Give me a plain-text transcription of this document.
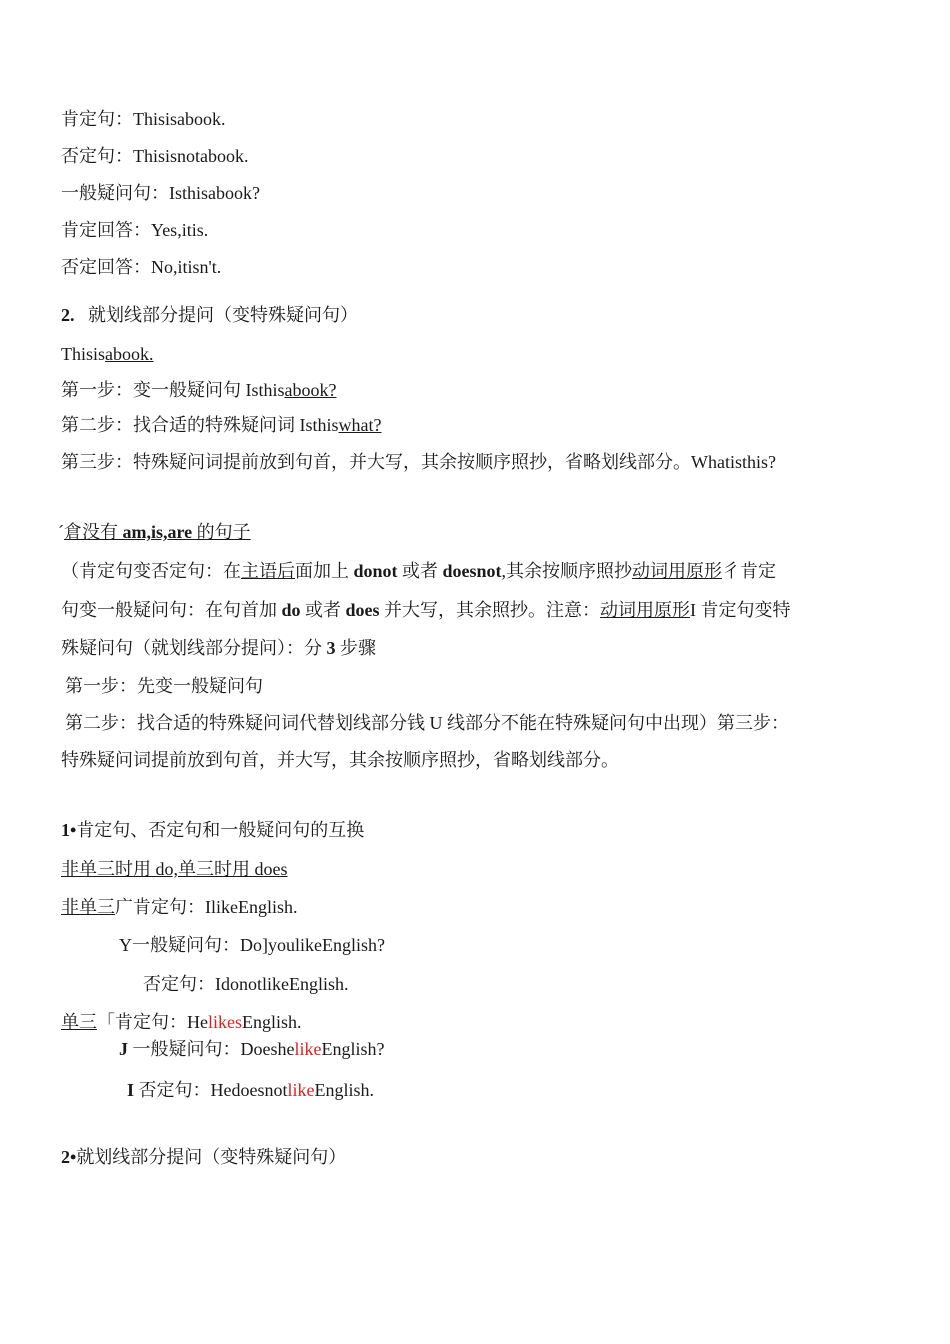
肯定句：Thisisabook.
否定句：Thisisnotabook.
一般疑问句：Isthisabook?
肯定回答：Yes,itis.
否定回答：No,itisn't.
2. 就划线部分提问（变特殊疑问句）
Thisisabook.
第一步：变一般疑问句 Isthisabook?
第二步：找合适的特殊疑问词 Isthiswhat?
第三步：特殊疑问词提前放到句首，并大写，其余按顺序照抄，省略划线部分。Whatisthis?
´倉没有 am,is,are 的句子
（肯定句变否定句：在主语后面加上 donot 或者 doesnot,其余按顺序照抄动词用原形彳肯定
句变一般疑问句：在句首加 do 或者 does 并大写，其余照抄。注意：动词用原形I 肯定句变特
殊疑问句（就划线部分提问）：分 3 步骤
第一步：先变一般疑问句
第二步：找合适的特殊疑问词代替划线部分钱 U 线部分不能在特殊疑问句中出现）第三步：
特殊疑问词提前放到句首，并大写，其余按顺序照抄，省略划线部分。
1•肯定句、否定句和一般疑问句的互换
非单三时用 do,单三时用 does
非单三广肯定句：IlikeEnglish.
Y一般疑问句：Do]youlikeEnglish?
否定句：IdonotlikeEnglish.
单三「肯定句：HelikesEnglish.
J 一般疑问句：DoeshelikeEnglish?
I 否定句：HedoesnotlikeEnglish.
2•就划线部分提问（变特殊疑问句）
